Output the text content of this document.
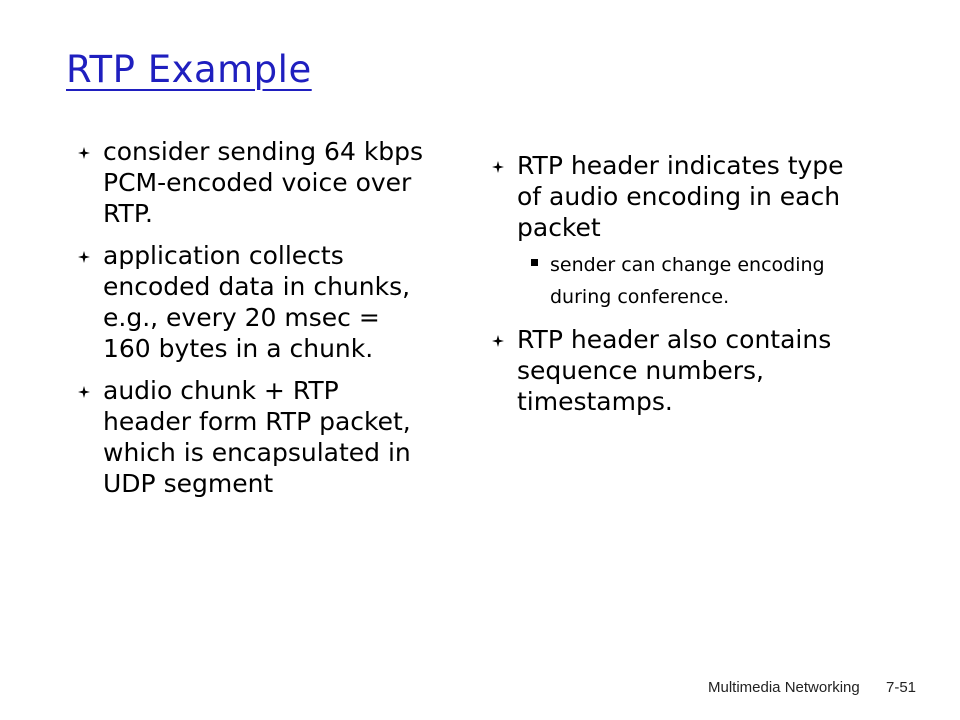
RTP Example
consider sending 64 kbps PCM-encoded voice over RTP.
application collects encoded data in chunks, e.g., every 20 msec = 160 bytes in a chunk.
audio chunk + RTP header form RTP packet, which is encapsulated in UDP segment
RTP header indicates type of audio encoding in each packet
sender can change encoding during conference.
RTP header also contains sequence numbers, timestamps.
Multimedia Networking 7-51
